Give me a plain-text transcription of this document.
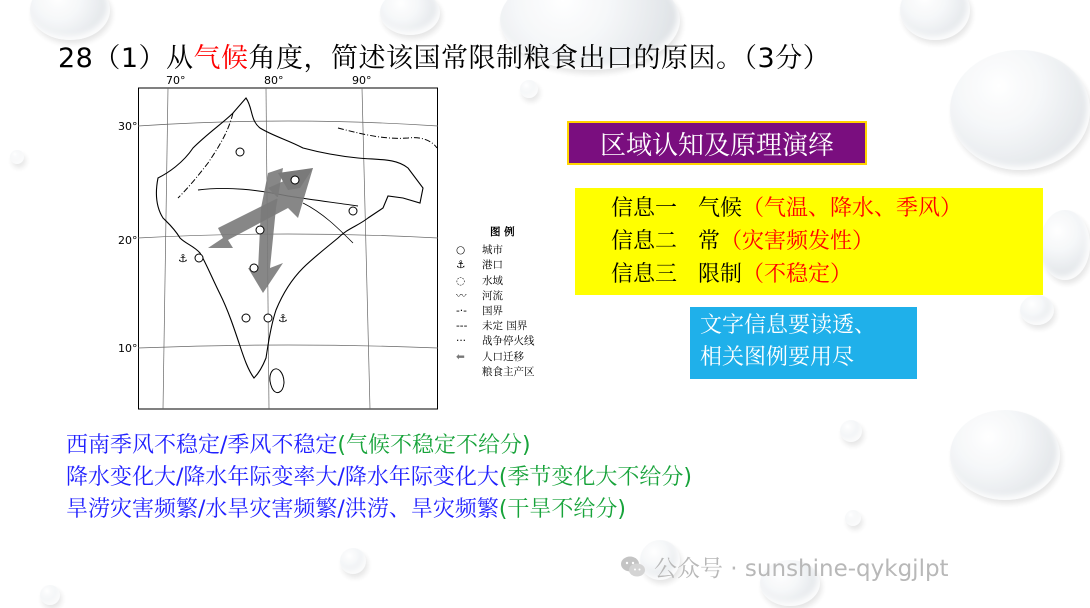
28（1）从气候角度，简述该国常限制粮食出口的原因。（3分）
70°	80°	90°
30°
20°
10°
⚓
⚓
图 例
○ 城市
⚓ 港口
◌ 水域
〰 河流
-·- 国界
--- 未定 国界
··· 战争停火线
⬅ 人口迁移
粮食主产区
区域认知及原理演绎
信息一 气候（气温、降水、季风）
信息二 常（灾害频发性）
信息三 限制（不稳定）
文字信息要读透、
相关图例要用尽
西南季风不稳定/季风不稳定(气候不稳定不给分)
降水变化大/降水年际变率大/降水年际变化大(季节变化大不给分)
旱涝灾害频繁/水旱灾害频繁/洪涝、旱灾频繁(干旱不给分)
公众号 · sunshine-qykgjlpt
